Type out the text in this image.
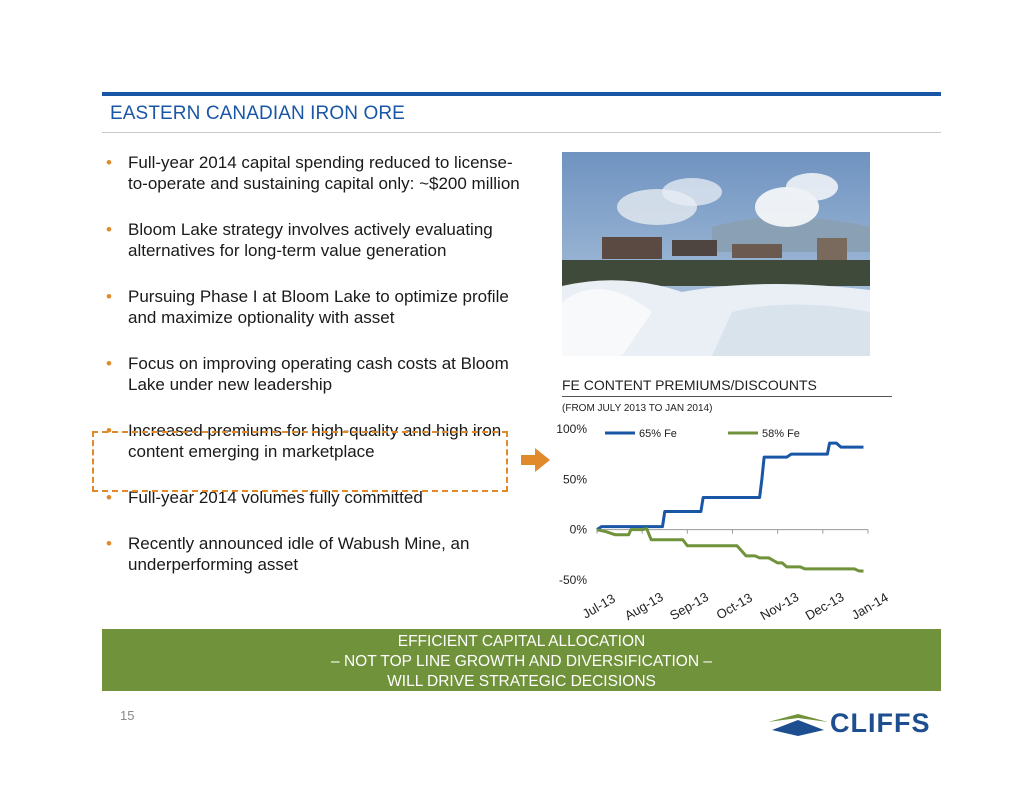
EASTERN CANADIAN IRON ORE
• Full-year 2014 capital spending reduced to license-to-operate and sustaining capital only: ~$200 million
• Bloom Lake strategy involves actively evaluating alternatives for long-term value generation
• Pursuing Phase I at Bloom Lake to optimize profile and maximize optionality with asset
• Focus on improving operating cash costs at Bloom Lake under new leadership
• Increased premiums for high-quality and high iron content emerging in marketplace
• Full-year 2014 volumes fully committed
• Recently announced idle of Wabush Mine, an underperforming asset
FE CONTENT PREMIUMS/DISCOUNTS
(FROM JULY 2013 TO JAN 2014)
-50%
0%
50%
100%
Jul-13 Aug-13 Sep-13 Oct-13 Nov-13 Dec-13 Jan-14
65% Fe	58% Fe
EFFICIENT CAPITAL ALLOCATION
– NOT TOP LINE GROWTH AND DIVERSIFICATION –
WILL DRIVE STRATEGIC DECISIONS
15	CLIFFS
